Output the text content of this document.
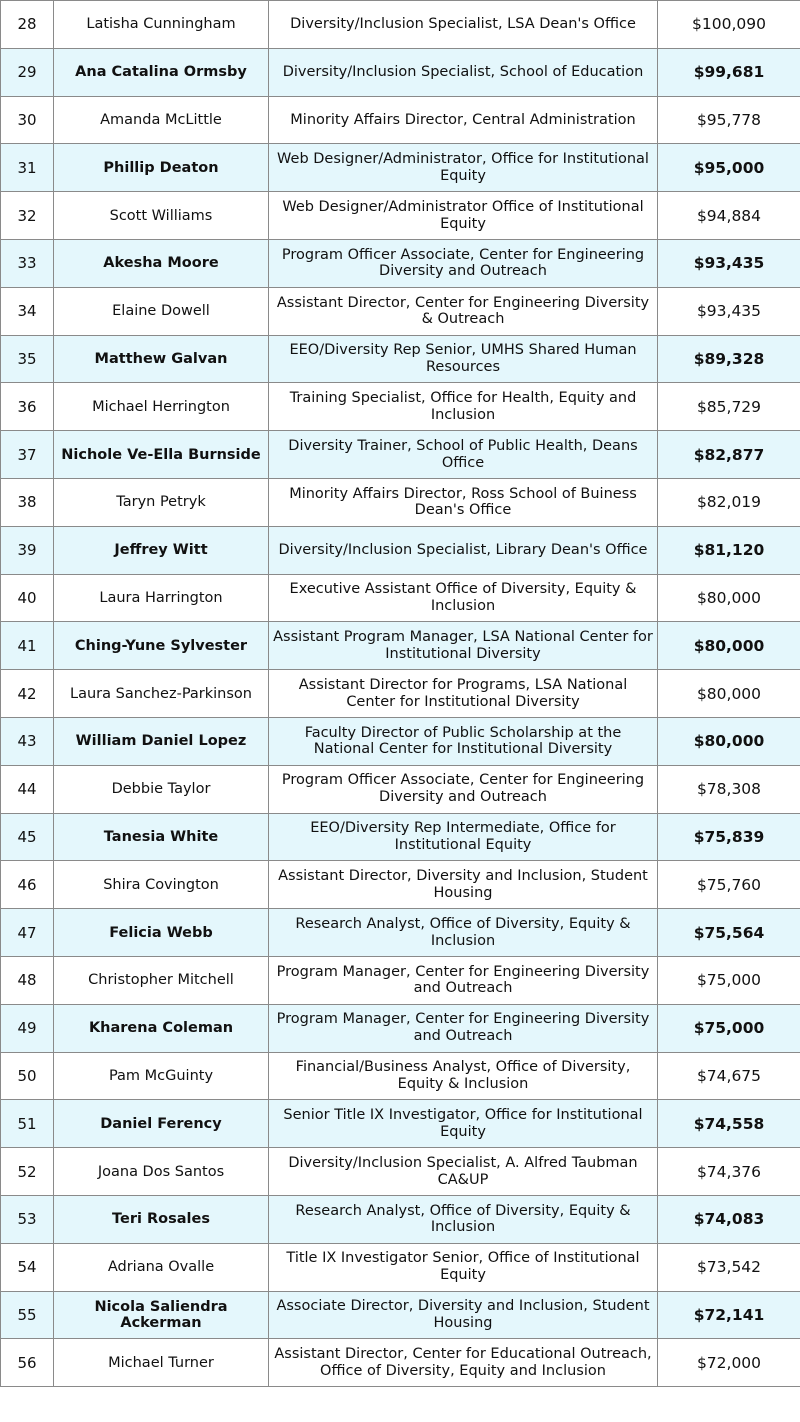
28	Latisha Cunningham	Diversity/Inclusion Specialist, LSA Dean's Office	$100,090
29	Ana Catalina Ormsby	Diversity/Inclusion Specialist, School of Education	$99,681
30	Amanda McLittle	Minority Affairs Director, Central Administration	$95,778
31	Phillip Deaton	Web Designer/Administrator, Office for Institutional Equity	$95,000
32	Scott Williams	Web Designer/Administrator Office of Institutional Equity	$94,884
33	Akesha Moore	Program Officer Associate, Center for Engineering Diversity and Outreach	$93,435
34	Elaine Dowell	Assistant Director, Center for Engineering Diversity & Outreach	$93,435
35	Matthew Galvan	EEO/Diversity Rep Senior, UMHS Shared Human Resources	$89,328
36	Michael Herrington	Training Specialist, Office for Health, Equity and Inclusion	$85,729
37	Nichole Ve-Ella Burnside	Diversity Trainer, School of Public Health, Deans Office	$82,877
38	Taryn Petryk	Minority Affairs Director, Ross School of Buiness Dean's Office	$82,019
39	Jeffrey Witt	Diversity/Inclusion Specialist, Library Dean's Office	$81,120
40	Laura Harrington	Executive Assistant Office of Diversity, Equity & Inclusion	$80,000
41	Ching-Yune Sylvester	Assistant Program Manager, LSA National Center for Institutional Diversity	$80,000
42	Laura Sanchez-Parkinson	Assistant Director for Programs, LSA National Center for Institutional Diversity	$80,000
43	William Daniel Lopez	Faculty Director of Public Scholarship at the National Center for Institutional Diversity	$80,000
44	Debbie Taylor	Program Officer Associate, Center for Engineering Diversity and Outreach	$78,308
45	Tanesia White	EEO/Diversity Rep Intermediate, Office for Institutional Equity	$75,839
46	Shira Covington	Assistant Director, Diversity and Inclusion, Student Housing	$75,760
47	Felicia Webb	Research Analyst, Office of Diversity, Equity & Inclusion	$75,564
48	Christopher Mitchell	Program Manager, Center for Engineering Diversity and Outreach	$75,000
49	Kharena Coleman	Program Manager, Center for Engineering Diversity and Outreach	$75,000
50	Pam McGuinty	Financial/Business Analyst, Office of Diversity, Equity & Inclusion	$74,675
51	Daniel Ferency	Senior Title IX Investigator, Office for Institutional Equity	$74,558
52	Joana Dos Santos	Diversity/Inclusion Specialist, A. Alfred Taubman CA&UP	$74,376
53	Teri Rosales	Research Analyst, Office of Diversity, Equity & Inclusion	$74,083
54	Adriana Ovalle	Title IX Investigator Senior, Office of Institutional Equity	$73,542
55	Nicola Saliendra Ackerman	Associate Director, Diversity and Inclusion, Student Housing	$72,141
56	Michael Turner	Assistant Director, Center for Educational Outreach, Office of Diversity, Equity and Inclusion	$72,000
